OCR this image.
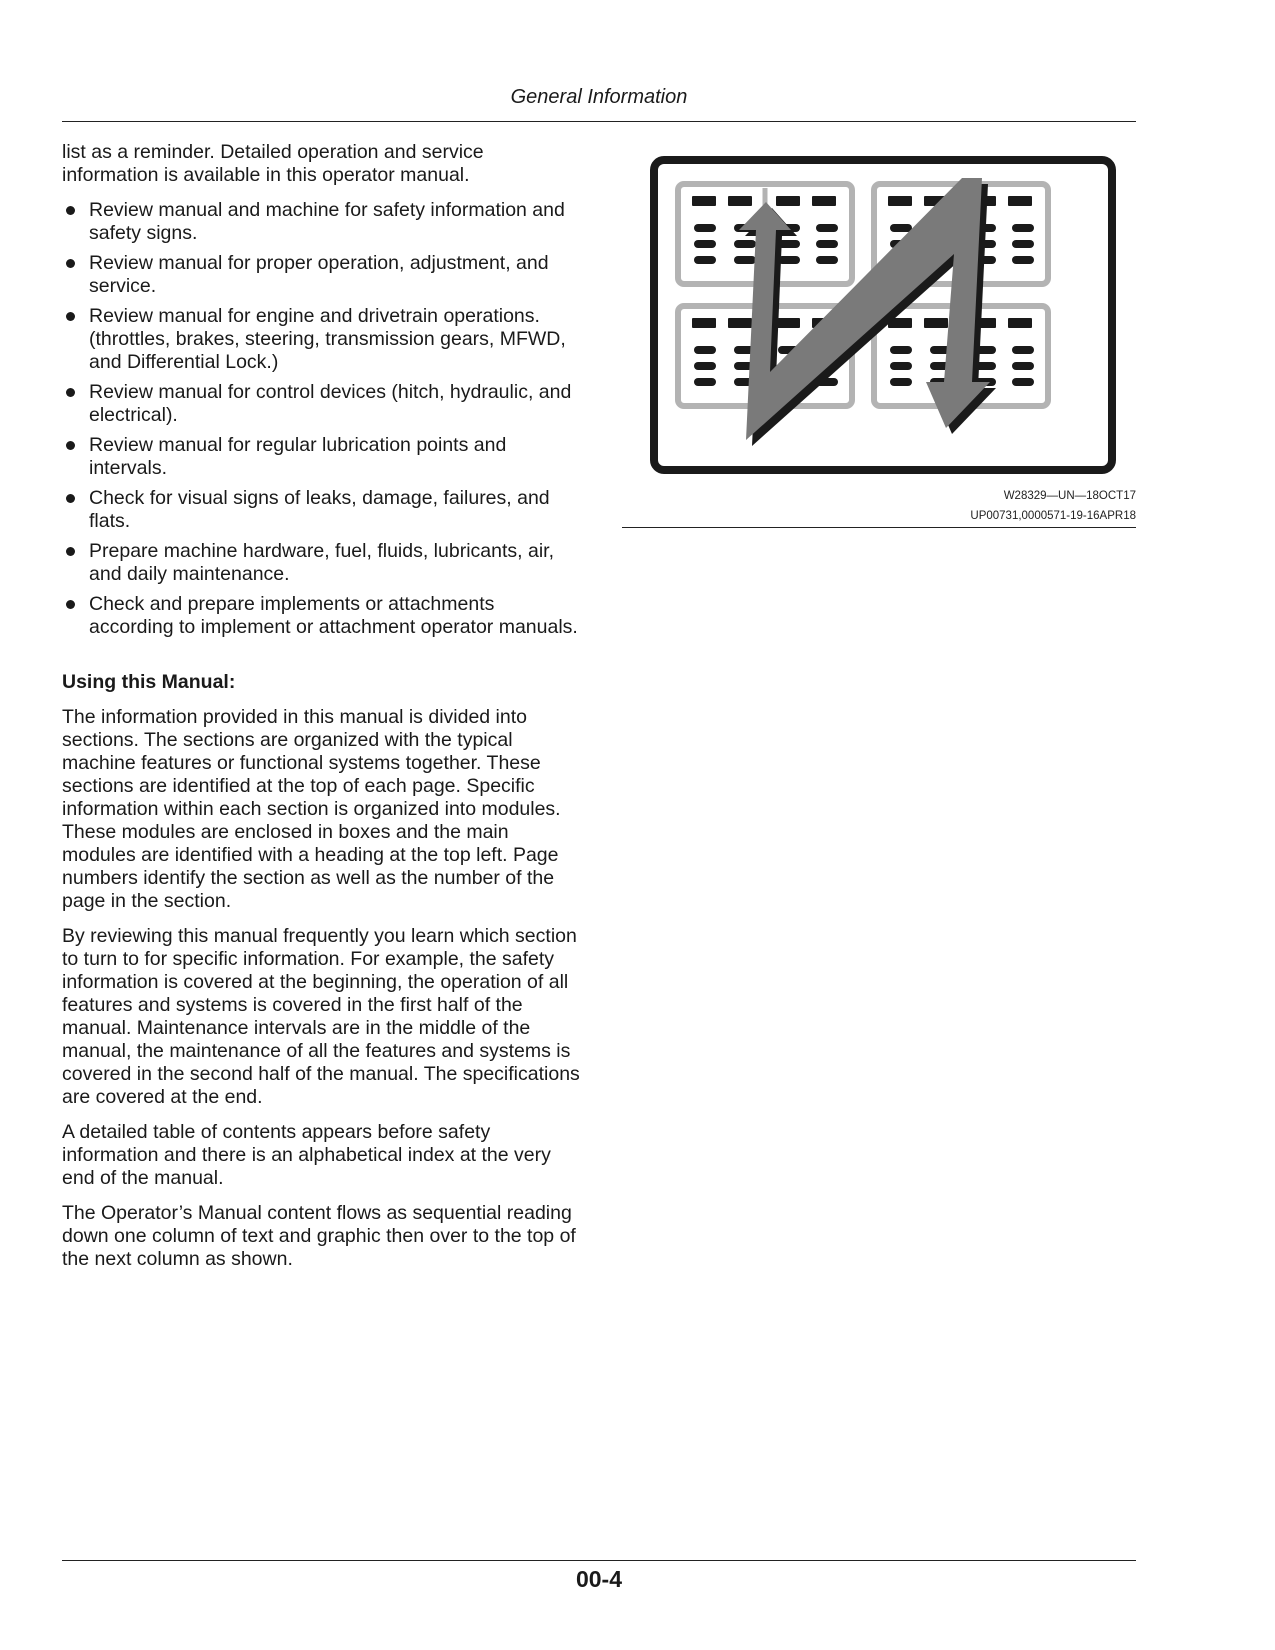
General Information

list as a reminder. Detailed operation and service information is available in this operator manual.

Review manual and machine for safety information and safety signs.
Review manual for proper operation, adjustment, and service.
Review manual for engine and drivetrain operations. (throttles, brakes, steering, transmission gears, MFWD, and Differential Lock.)
Review manual for control devices (hitch, hydraulic, and electrical).
Review manual for regular lubrication points and intervals.
Check for visual signs of leaks, damage, failures, and flats.
Prepare machine hardware, fuel, fluids, lubricants, air, and daily maintenance.
Check and prepare implements or attachments according to implement or attachment operator manuals.

Using this Manual:

The information provided in this manual is divided into sections. The sections are organized with the typical machine features or functional systems together. These sections are identified at the top of each page. Specific information within each section is organized into modules. These modules are enclosed in boxes and the main modules are identified with a heading at the top left. Page numbers identify the section as well as the number of the page in the section.

By reviewing this manual frequently you learn which section to turn to for specific information. For example, the safety information is covered at the beginning, the operation of all features and systems is covered in the first half of the manual. Maintenance intervals are in the middle of the manual, the maintenance of all the features and systems is covered in the second half of the manual. The specifications are covered at the end.

A detailed table of contents appears before safety information and there is an alphabetical index at the very end of the manual.

The Operator’s Manual content flows as sequential reading down one column of text and graphic then over to the top of the next column as shown.

W28329—UN—18OCT17
UP00731,0000571-19-16APR18
00-4
